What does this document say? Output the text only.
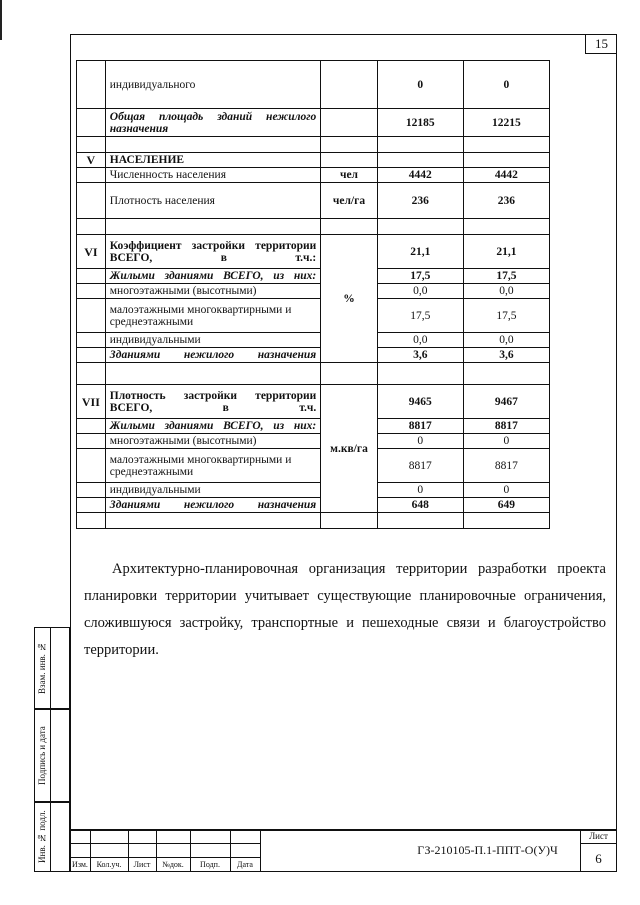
15
	индивидуального		0	0
	Общая площадь зданий нежилого назначения		12185	12215

V	НАСЕЛЕНИЕ			
	Численность населения	чел	4442	4442
	Плотность населения	чел/га	236	236

VI	Коэффициент застройки территории ВСЕГО, в т.ч.:	%	21,1	21,1
	Жилыми зданиями ВСЕГО, из них:		17,5	17,5
	многоэтажными (высотными)		0,0	0,0
	малоэтажными многоквартирными и среднеэтажными		17,5	17,5
	индивидуальными		0,0	0,0
	Зданиями нежилого назначения		3,6	3,6

VII	Плотность застройки территории ВСЕГО, в т.ч.	м.кв/га	9465	9467
	Жилыми зданиями ВСЕГО, из них:		8817	8817
	многоэтажными (высотными)		0	0
	малоэтажными многоквартирными и среднеэтажными		8817	8817
	индивидуальными		0	0
	Зданиями нежилого назначения		648	649

Архитектурно-планировочная организация территории разработки проекта планировки территории учитывает существующие планировочные ограничения, сложившуюся застройку, транспортные и пешеходные связи и благоустройство территории.
Взам. инв. №
Подпись и дата
Инв. № подл.
Изм.	Кол.уч.	Лист	№док.	Подп.	Дата
ГЗ-210105-П.1-ППТ-О(У)Ч
Лист
6
